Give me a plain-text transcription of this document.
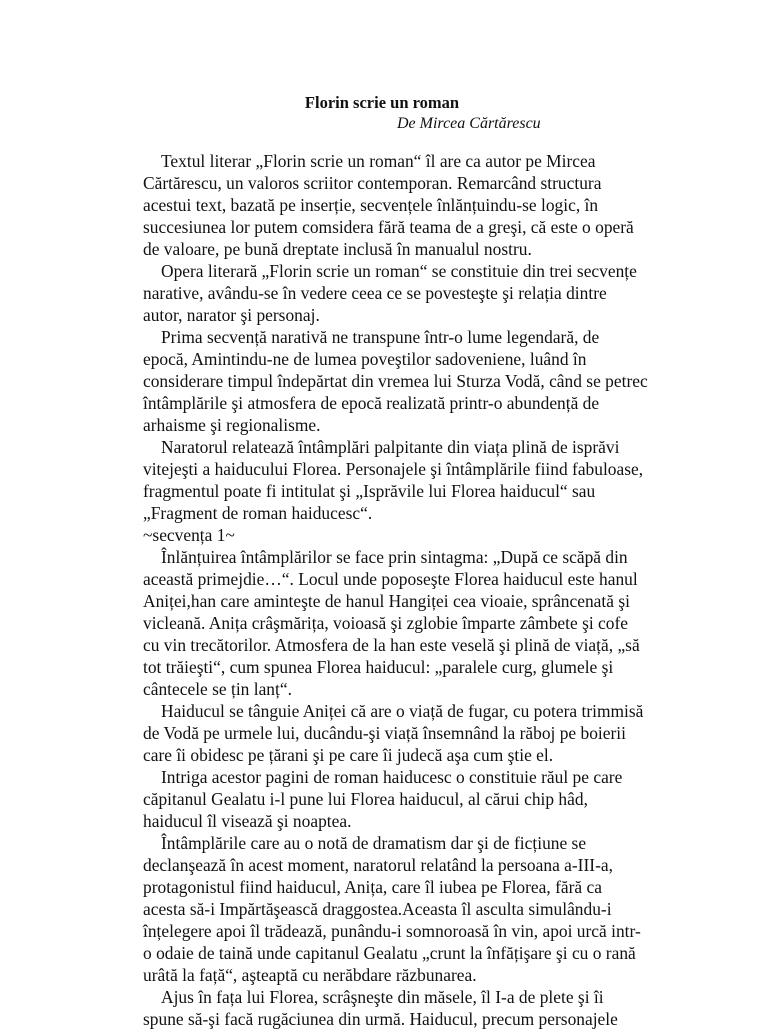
Florin scrie un roman
De Mircea Cărtărescu

Textul literar „Florin scrie un roman“ îl are ca autor pe Mircea Cărtărescu, un valoros scriitor contemporan. Remarcând structura acestui text, bazată pe inserție, secvențele înlănțuindu-se logic, în succesiunea lor putem comsidera fără teama de a greşi, că este o operă de valoare, pe bună dreptate inclusă în manualul nostru.

Opera literară „Florin scrie un roman“ se constituie din trei secvențe narative, avându-se în vedere ceea ce se povesteşte şi relația dintre autor, narator şi personaj.

Prima secvență narativă ne transpune într-o lume legendară, de epocă, Amintindu-ne de lumea poveştilor sadoveniene, luând în considerare timpul îndepărtat din vremea lui Sturza Vodă, când se petrec întâmplările şi atmosfera de epocă realizată printr-o abundență de arhaisme şi regionalisme.

Naratorul relatează întâmplări palpitante din viața plină de isprăvi vitejeşti a haiducului Florea. Personajele şi întâmplările fiind fabuloase, fragmentul poate fi intitulat şi „Isprăvile lui Florea haiducul“ sau „Fragment de roman haiducesc“.

~secvența 1~

Înlănțuirea întâmplărilor se face prin sintagma: „După ce scăpă din această primejdie…“. Locul unde poposeşte Florea haiducul este hanul Aniței,han care aminteşte de hanul Hangiței cea vioaie, sprâncenată şi vicleană. Anița crâşmărița, voioasă şi zglobie împarte zâmbete şi cofe cu vin trecătorilor. Atmosfera de la han este veselă şi plină de viață, „să tot trăieşti“, cum spunea Florea haiducul: „paralele curg, glumele şi cântecele se țin lanț“.

Haiducul se tânguie Aniței că are o viață de fugar, cu potera trimmisă de Vodă pe urmele lui, ducându-şi viață însemnând la răboj pe boierii care îi obidesc pe țărani şi pe care îi judecă aşa cum ştie el.

Intriga acestor pagini de roman haiducesc o constituie răul pe care căpitanul Gealatu i-l pune lui Florea haiducul, al cărui chip hâd, haiducul îl visează şi noaptea.

Întâmplările care au o notă de dramatism dar şi de ficțiune se declanşează în acest moment, naratorul relatând la persoana a-III-a, protagonistul fiind haiducul, Anița, care îl iubea pe Florea, fără ca acesta să-i Impărtăşească draggostea.Aceasta îl asculta simulându-i înțelegere apoi îl trădează, punându-i somnoroasă în vin, apoi urcă intr-o odaie de taină unde capitanul Gealatu „crunt la înfățişare şi cu o rană urâtă la față“, aşteaptă cu nerăbdare răzbunarea.

Ajus în fața lui Florea, scrâşneşte din măsele, îl I-a de plete şi îi spune să-şi facă rugăciunea din urmă. Haiducul, precum personajele
